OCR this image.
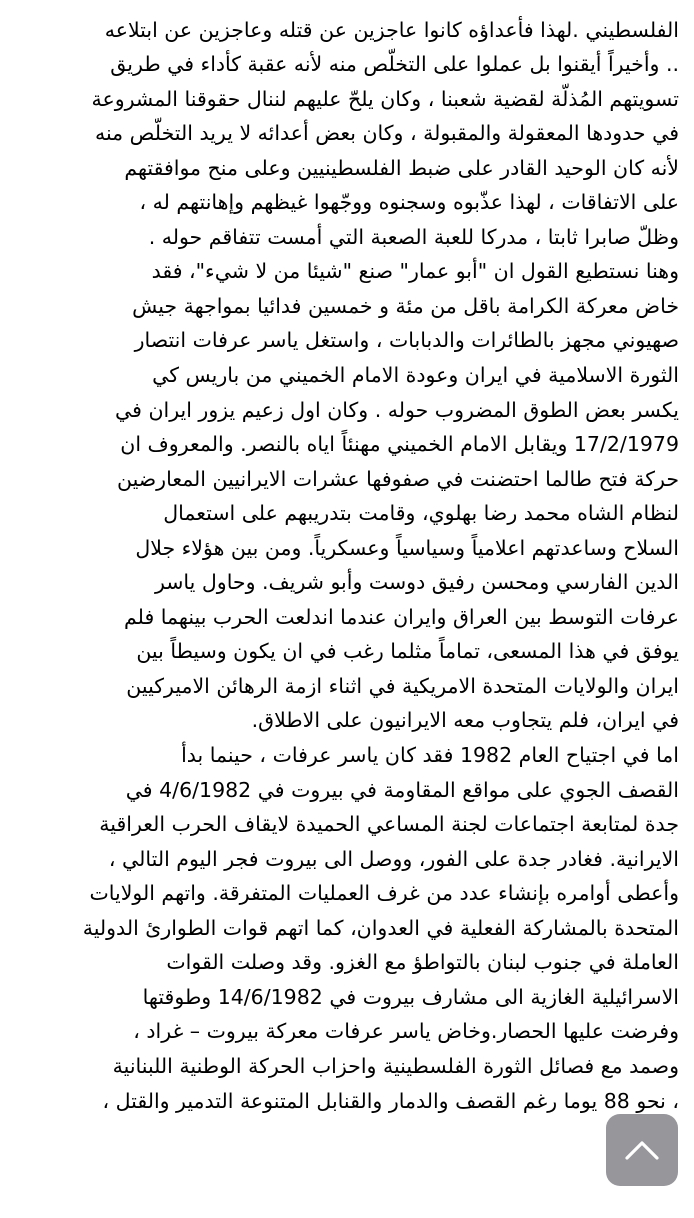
الفلسطيني .لهذا فأعداؤه كانوا عاجزين عن قتله وعاجزين عن ابتلاعه
.. وأخيراً أيقنوا بل عملوا على التخلّص منه لأنه عقبة كأداء في طريق
تسويتهم المُذلّة لقضية شعبنا ، وكان يلحّ عليهم لننال حقوقنا المشروعة
في حدودها المعقولة والمقبولة ، وكان بعض أعدائه لا يريد التخلّص منه
لأنه كان الوحيد القادر على ضبط الفلسطينيين وعلى منح موافقتهم
على الاتفاقات ، لهذا عذّبوه وسجنوه ووجّهوا غيظهم وإهانتهم له ،
وظلّ صابرا ثابتا ، مدركا للعبة الصعبة التي أمست تتفاقم حوله .
وهنا نستطيع القول ان "أبو عمار" صنع "شيئا من لا شيء"، فقد
خاض معركة الكرامة باقل من مئة و خمسين فدائيا بمواجهة جيش
صهيوني مجهز بالطائرات والدبابات ، واستغل ياسر عرفات انتصار
الثورة الاسلامية في ايران وعودة الامام الخميني من باريس كي
يكسر بعض الطوق المضروب حوله . وكان اول زعيم يزور ايران في
17/2/1979 ويقابل الامام الخميني مهنئاً اياه بالنصر. والمعروف ان
حركة فتح طالما احتضنت في صفوفها عشرات الايرانيين المعارضين
لنظام الشاه محمد رضا بهلوي، وقامت بتدريبهم على استعمال
السلاح وساعدتهم اعلامياً وسياسياً وعسكرياً. ومن بين هؤلاء جلال
الدين الفارسي ومحسن رفيق دوست وأبو شريف. وحاول ياسر
عرفات التوسط بين العراق وايران عندما اندلعت الحرب بينهما فلم
يوفق في هذا المسعى، تماماً مثلما رغب في ان يكون وسيطاً بين
ايران والولايات المتحدة الامريكية في اثناء ازمة الرهائن الاميركيين
في ايران، فلم يتجاوب معه الايرانيون على الاطلاق.
اما في اجتياح العام 1982 فقد كان ياسر عرفات ، حينما بدأ
القصف الجوي على مواقع المقاومة في بيروت في 4/6/1982 في
جدة لمتابعة اجتماعات لجنة المساعي الحميدة لايقاف الحرب العراقية
الايرانية. فغادر جدة على الفور، ووصل الى بيروت فجر اليوم التالي ،
وأعطى أوامره بإنشاء عدد من غرف العمليات المتفرقة. واتهم الولايات
المتحدة بالمشاركة الفعلية في العدوان، كما اتهم قوات الطوارئ الدولية
العاملة في جنوب لبنان بالتواطؤ مع الغزو. وقد وصلت القوات
الاسرائيلية الغازية الى مشارف بيروت في 14/6/1982 وطوقتها
وفرضت عليها الحصار.وخاض ياسر عرفات معركة بيروت – غراد ،
وصمد مع فصائل الثورة الفلسطينية واحزاب الحركة الوطنية اللبنانية
، نحو 88 يوما رغم القصف والدمار والقنابل المتنوعة التدمير والقتل ،
